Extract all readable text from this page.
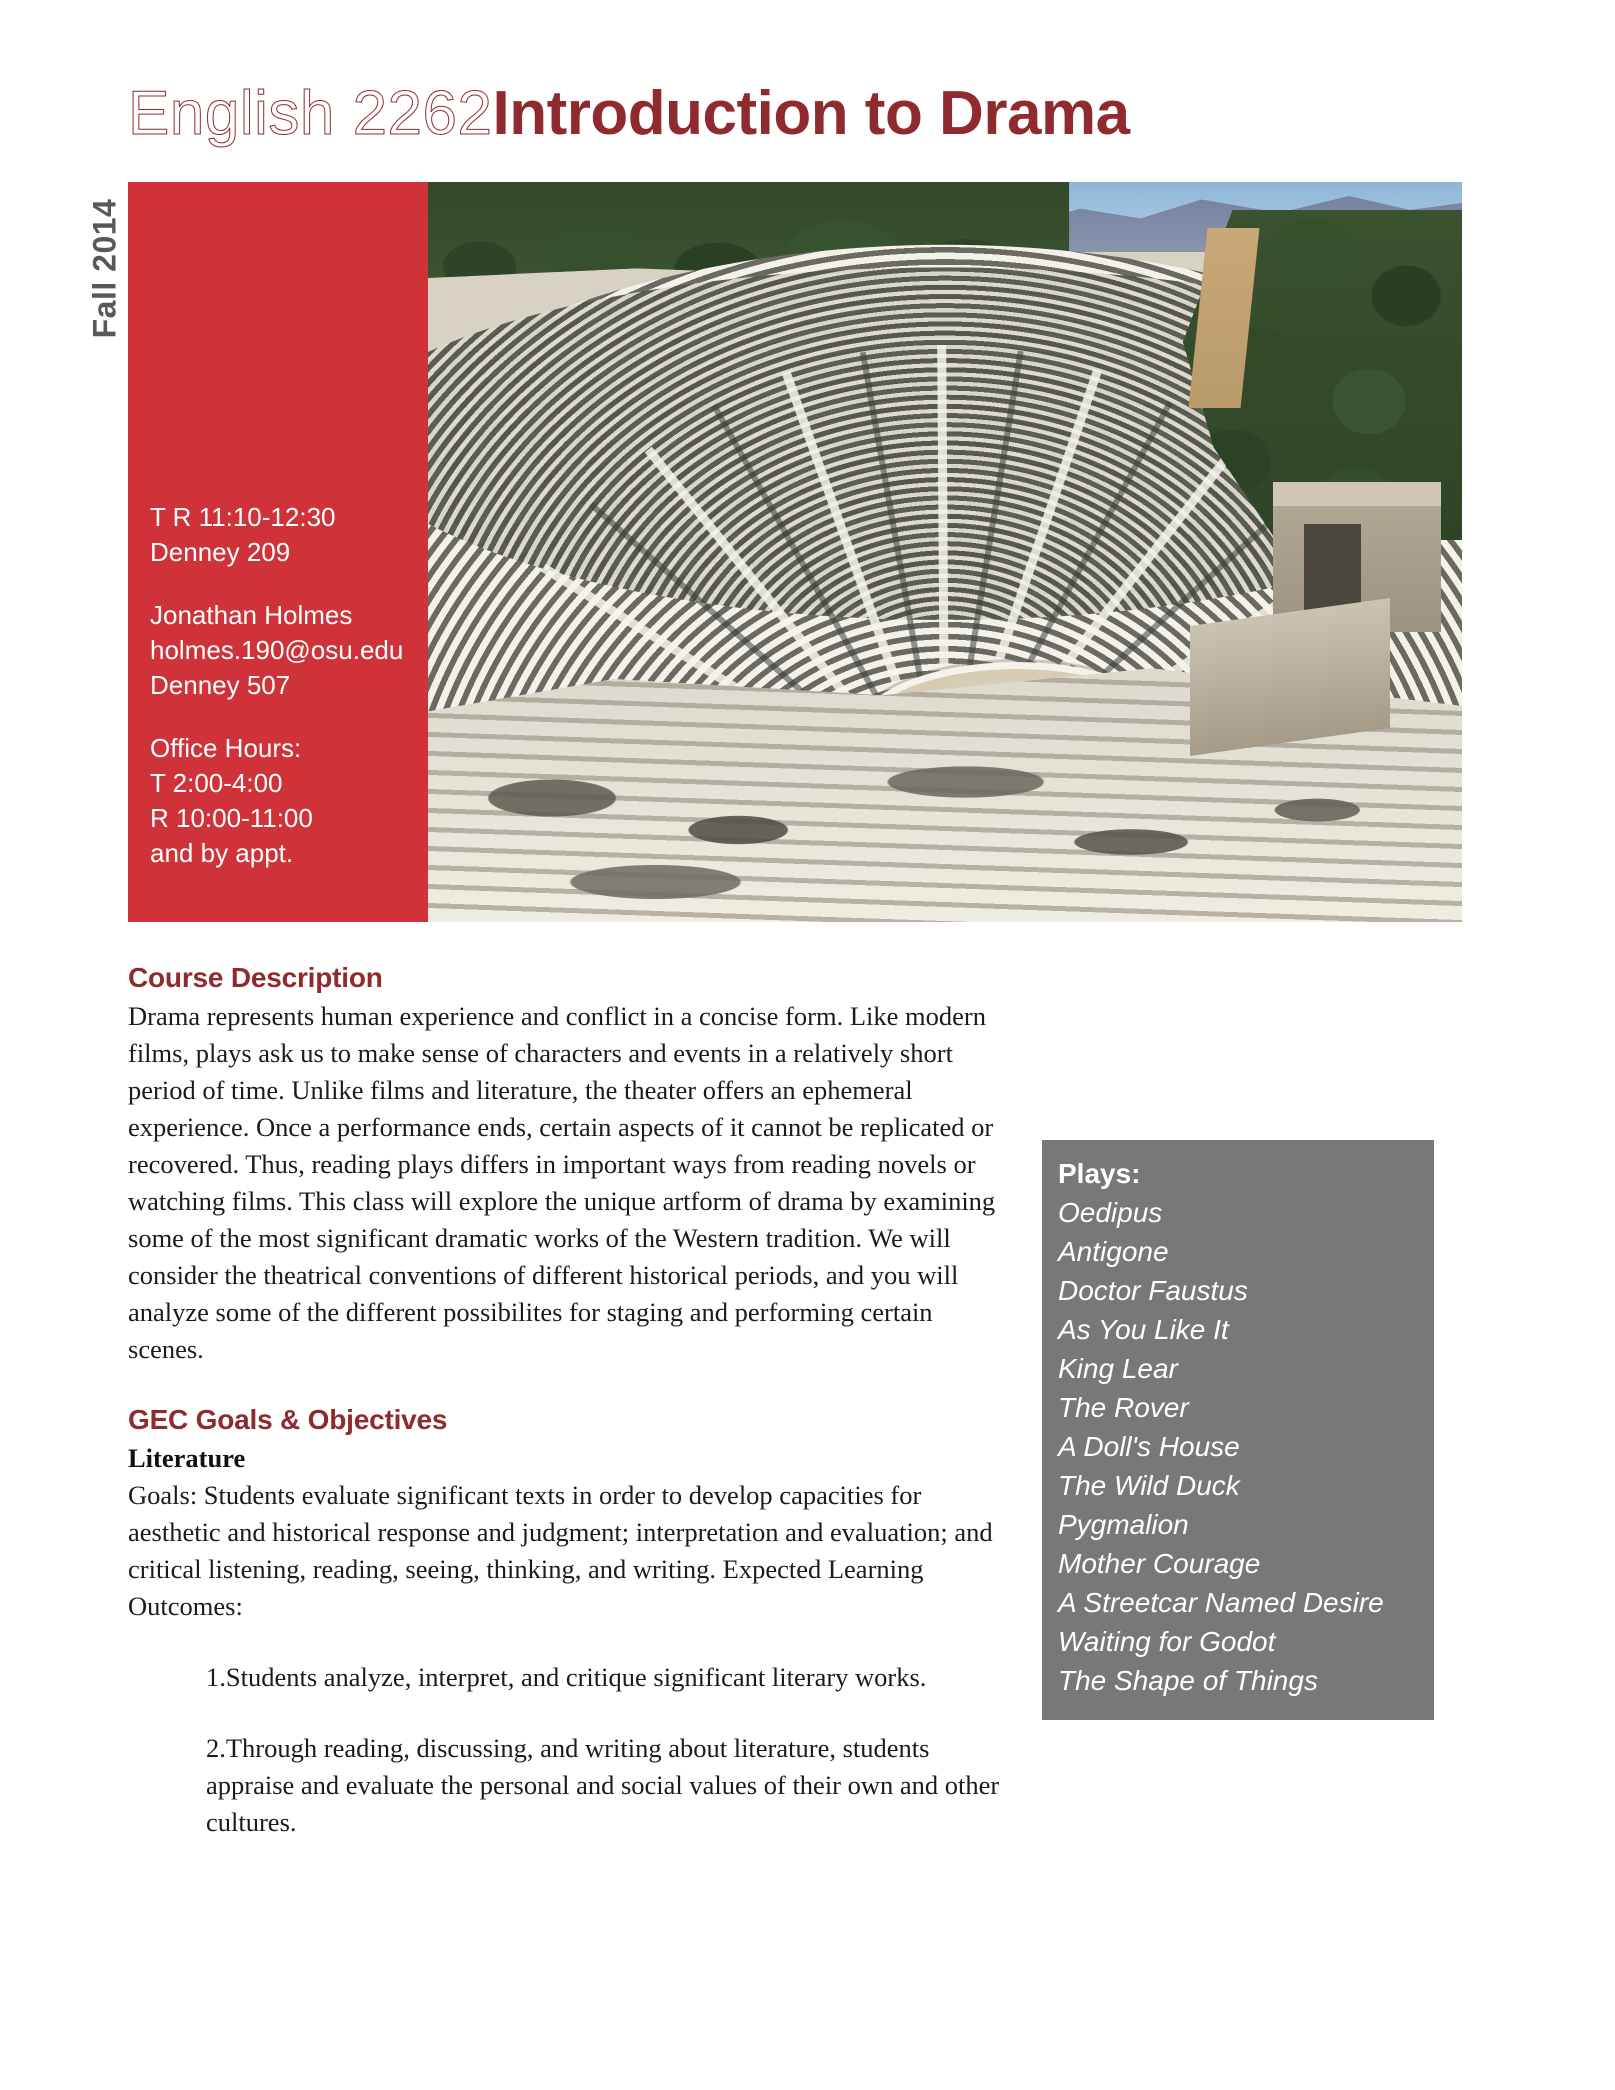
English 2262Introduction to Drama
Fall 2014
T R 11:10-12:30
Denney 209
Jonathan Holmes
holmes.190@osu.edu
Denney 507
Office Hours:
T 2:00-4:00
R 10:00-11:00
and by appt.
Course Description

Drama represents human experience and conflict in a concise form. Like modern films, plays ask us to make sense of characters and events in a relatively short period of time. Unlike films and literature, the theater offers an ephemeral experience. Once a performance ends, certain aspects of it cannot be replicated or recovered. Thus, reading plays differs in important ways from reading novels or watching films. This class will explore the unique artform of drama by examining some of the most significant dramatic works of the Western tradition. We will consider the theatrical conventions of different historical periods, and you will analyze some of the different possibilites for staging and performing certain scenes.

GEC Goals & Objectives

Literature

Goals: Students evaluate significant texts in order to develop capacities for aesthetic and historical response and judgment; interpretation and evaluation; and critical listening, reading, seeing, thinking, and writing. Expected Learning Outcomes:

1.Students analyze, interpret, and critique significant literary works.

2.Through reading, discussing, and writing about literature, students appraise and evaluate the personal and social values of their own and other cultures.

Plays:
Oedipus
Antigone
Doctor Faustus
As You Like It
King Lear
The Rover
A Doll's House
The Wild Duck
Pygmalion
Mother Courage
A Streetcar Named Desire
Waiting for Godot
The Shape of Things
